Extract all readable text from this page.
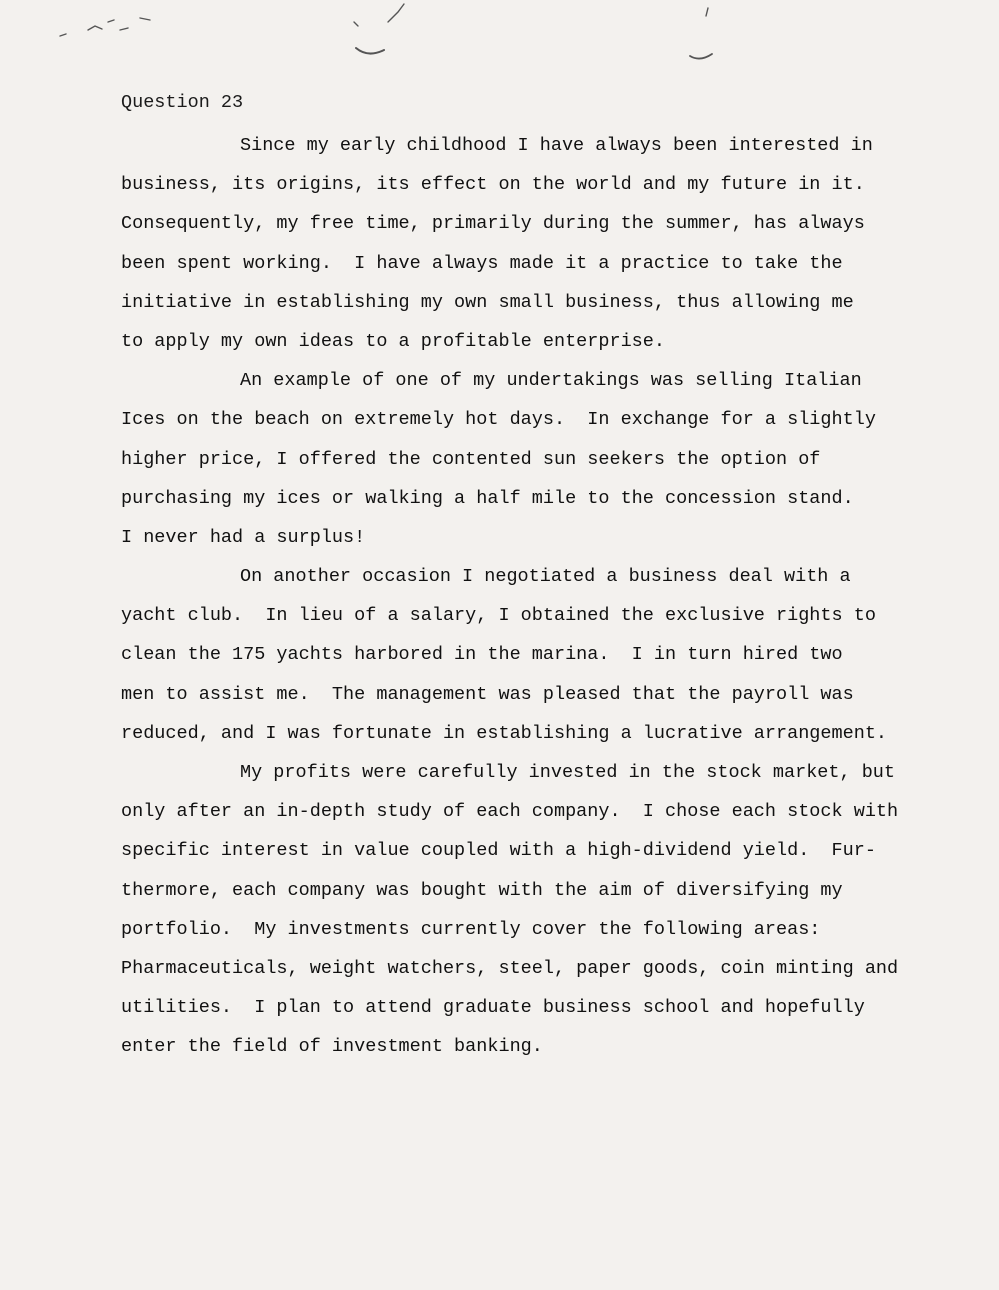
Question 23
Since my early childhood I have always been interested in
business, its origins, its effect on the world and my future in it.
Consequently, my free time, primarily during the summer, has always
been spent working.  I have always made it a practice to take the
initiative in establishing my own small business, thus allowing me
to apply my own ideas to a profitable enterprise.
An example of one of my undertakings was selling Italian
Ices on the beach on extremely hot days.  In exchange for a slightly
higher price, I offered the contented sun seekers the option of
purchasing my ices or walking a half mile to the concession stand.
I never had a surplus!
On another occasion I negotiated a business deal with a
yacht club.  In lieu of a salary, I obtained the exclusive rights to
clean the 175 yachts harbored in the marina.  I in turn hired two
men to assist me.  The management was pleased that the payroll was
reduced, and I was fortunate in establishing a lucrative arrangement.
My profits were carefully invested in the stock market, but
only after an in-depth study of each company.  I chose each stock with
specific interest in value coupled with a high-dividend yield.  Fur-
thermore, each company was bought with the aim of diversifying my
portfolio.  My investments currently cover the following areas:
Pharmaceuticals, weight watchers, steel, paper goods, coin minting and
utilities.  I plan to attend graduate business school and hopefully
enter the field of investment banking.
